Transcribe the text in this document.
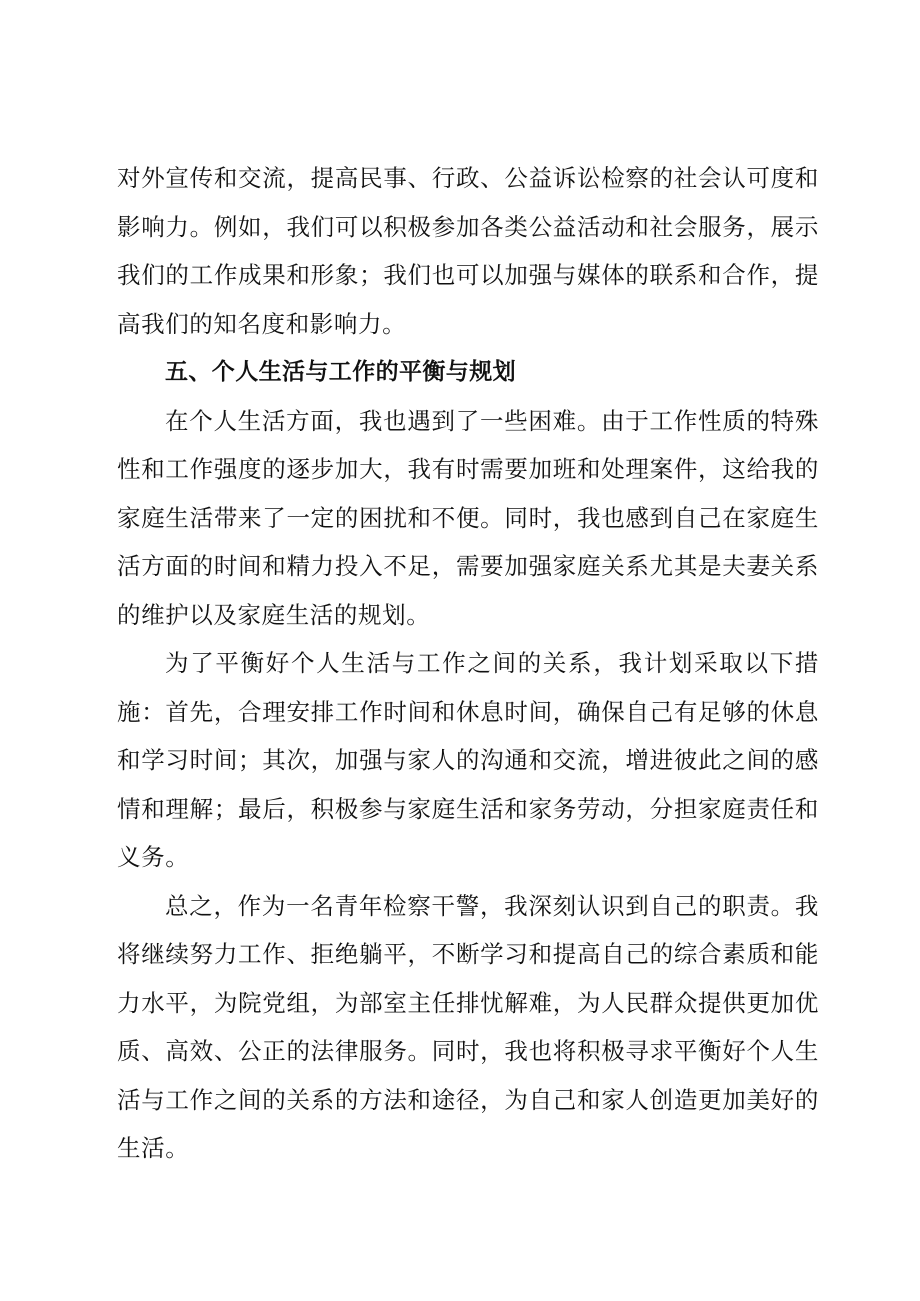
对外宣传和交流，提高民事、行政、公益诉讼检察的社会认可度和影响力。例如，我们可以积极参加各类公益活动和社会服务，展示我们的工作成果和形象；我们也可以加强与媒体的联系和合作，提高我们的知名度和影响力。

五、个人生活与工作的平衡与规划

在个人生活方面，我也遇到了一些困难。由于工作性质的特殊性和工作强度的逐步加大，我有时需要加班和处理案件，这给我的家庭生活带来了一定的困扰和不便。同时，我也感到自己在家庭生活方面的时间和精力投入不足，需要加强家庭关系尤其是夫妻关系的维护以及家庭生活的规划。

为了平衡好个人生活与工作之间的关系，我计划采取以下措施：首先，合理安排工作时间和休息时间，确保自己有足够的休息和学习时间；其次，加强与家人的沟通和交流，增进彼此之间的感情和理解；最后，积极参与家庭生活和家务劳动，分担家庭责任和义务。

总之，作为一名青年检察干警，我深刻认识到自己的职责。我将继续努力工作、拒绝躺平，不断学习和提高自己的综合素质和能力水平，为院党组，为部室主任排忧解难，为人民群众提供更加优质、高效、公正的法律服务。同时，我也将积极寻求平衡好个人生活与工作之间的关系的方法和途径，为自己和家人创造更加美好的生活。
